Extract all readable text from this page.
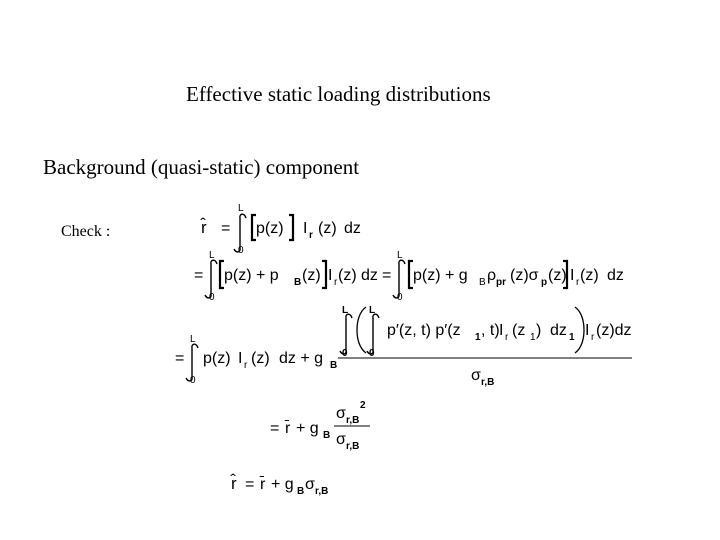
Effective static loading distributions
Background (quasi-static) component
Check :	r̂ =
L
0
p(z) I r (z) dz
=
L
0
p(z) + p B (z) I r (z) dz =
L
0
p(z) + g B ρ pr (z)σ p (z) I r (z) dz
=
L
0
p(z) I r (z) dz + g B
L
0
L
0
p′(z, t) p′(z 1 , t) I r (z 1 ) dz 1 I r (z)dz
σ r,B
= r̄ + g B
σ r,B
2
σ r,B
r̂ = r̄ + g B σ r,B
